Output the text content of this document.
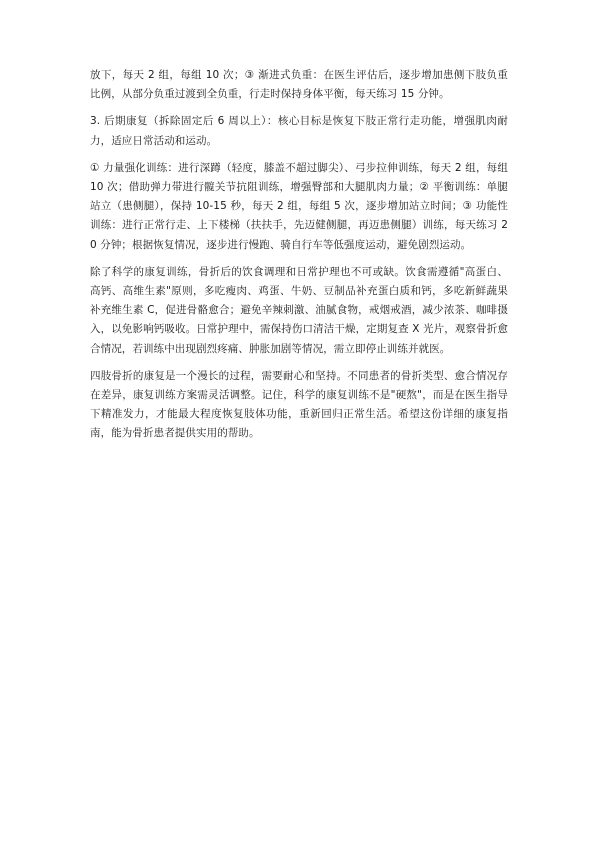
放下，每天 2 组，每组 10 次；③ 渐进式负重：在医生评估后，逐步增加患侧下肢负重比例，从部分负重过渡到全负重，行走时保持身体平衡，每天练习 15 分钟。

3. 后期康复（拆除固定后 6 周以上）：核心目标是恢复下肢正常行走功能，增强肌肉耐力，适应日常活动和运动。

① 力量强化训练：进行深蹲（轻度，膝盖不超过脚尖）、弓步拉伸训练，每天 2 组，每组 10 次；借助弹力带进行髋关节抗阻训练，增强臀部和大腿肌肉力量；② 平衡训练：单腿站立（患侧腿），保持 10-15 秒，每天 2 组，每组 5 次，逐步增加站立时间；③ 功能性训练：进行正常行走、上下楼梯（扶扶手，先迈健侧腿，再迈患侧腿）训练，每天练习 20 分钟；根据恢复情况，逐步进行慢跑、骑自行车等低强度运动，避免剧烈运动。

除了科学的康复训练，骨折后的饮食调理和日常护理也不可或缺。饮食需遵循"高蛋白、高钙、高维生素"原则，多吃瘦肉、鸡蛋、牛奶、豆制品补充蛋白质和钙，多吃新鲜蔬果补充维生素 C，促进骨骼愈合；避免辛辣刺激、油腻食物，戒烟戒酒，减少浓茶、咖啡摄入，以免影响钙吸收。日常护理中，需保持伤口清洁干燥，定期复查 X 光片，观察骨折愈合情况，若训练中出现剧烈疼痛、肿胀加剧等情况，需立即停止训练并就医。

四肢骨折的康复是一个漫长的过程，需要耐心和坚持。不同患者的骨折类型、愈合情况存在差异，康复训练方案需灵活调整。记住，科学的康复训练不是"硬熬"，而是在医生指导下精准发力，才能最大程度恢复肢体功能，重新回归正常生活。希望这份详细的康复指南，能为骨折患者提供实用的帮助。
